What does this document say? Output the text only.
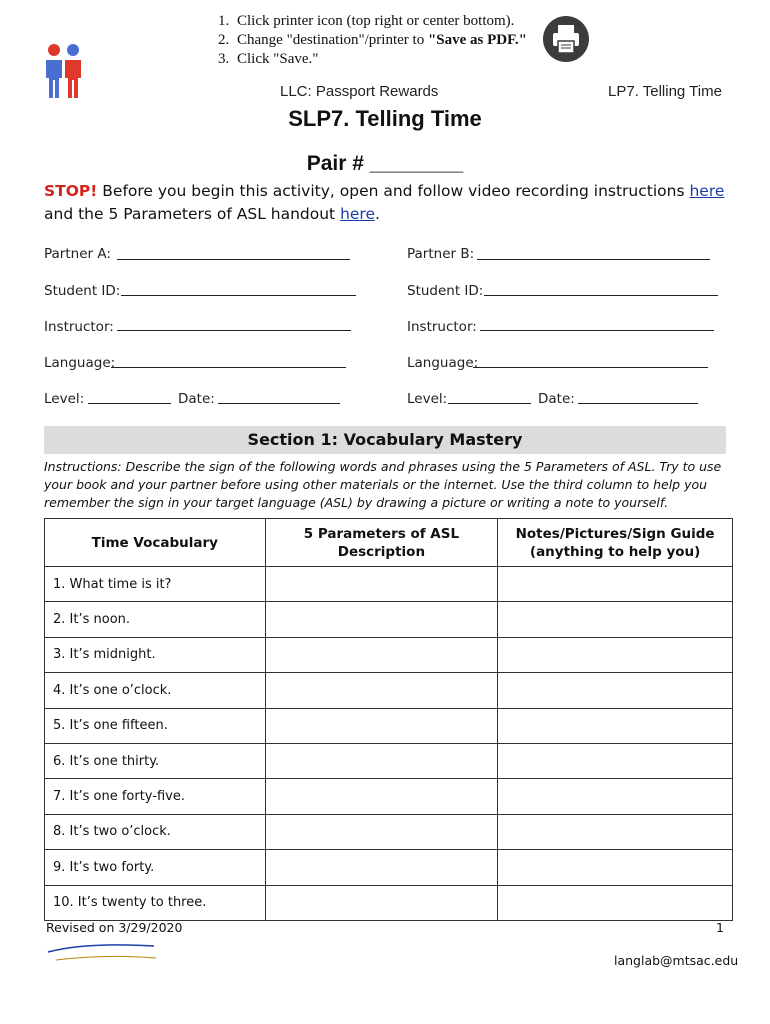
1. Click printer icon (top right or center bottom).
2. Change "destination"/printer to "Save as PDF."
3. Click "Save."
LLC: Passport Rewards	LP7. Telling Time
SLP7. Telling Time
Pair # ________
STOP! Before you begin this activity, open and follow video recording instructions here and the 5 Parameters of ASL handout here.
Partner A:
Student ID:
Instructor:
Language:
Level:	Date:
Partner B:
Student ID:
Instructor:
Language:
Level:	Date:
Section 1: Vocabulary Mastery
Instructions: Describe the sign of the following words and phrases using the 5 Parameters of ASL. Try to use your book and your partner before using other materials or the internet. Use the third column to help you remember the sign in your target language (ASL) by drawing a picture or writing a note to yourself.
Time Vocabulary	5 Parameters of ASL Description	Notes/Pictures/Sign Guide (anything to help you)
1. What time is it?		
2. It’s noon.		
3. It’s midnight.		
4. It’s one o’clock.		
5. It’s one fifteen.		
6. It’s one thirty.		
7. It’s one forty-five.		
8. It’s two o’clock.		
9. It’s two forty.		
10. It’s twenty to three.		
Revised on 3/29/2020	1
langlab@mtsac.edu
